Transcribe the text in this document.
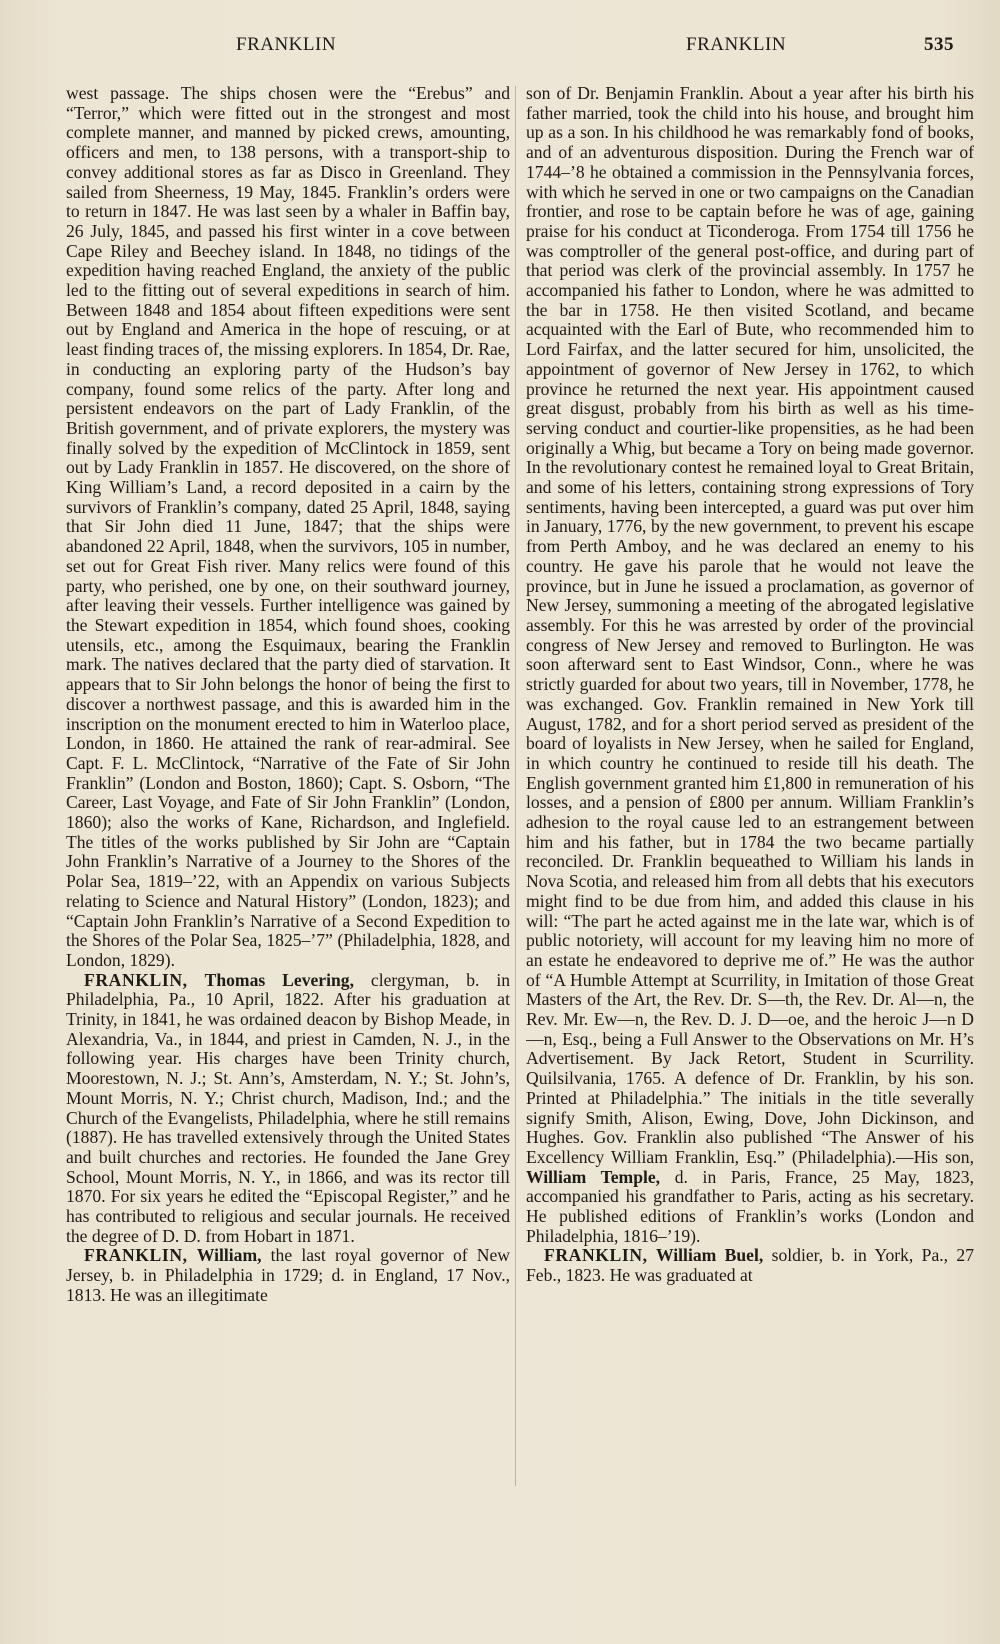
FRANKLIN	FRANKLIN	535

west passage. The ships chosen were the “Erebus” and “Terror,” which were fitted out in the strongest and most complete manner, and manned by picked crews, amounting, officers and men, to 138 persons, with a transport-ship to convey additional stores as far as Disco in Greenland. They sailed from Sheerness, 19 May, 1845. Franklin’s orders were to return in 1847. He was last seen by a whaler in Baffin bay, 26 July, 1845, and passed his first winter in a cove between Cape Riley and Beechey island. In 1848, no tidings of the expedition having reached England, the anxiety of the public led to the fitting out of several expeditions in search of him. Between 1848 and 1854 about fifteen expeditions were sent out by England and America in the hope of rescuing, or at least finding traces of, the missing explorers. In 1854, Dr. Rae, in conducting an exploring party of the Hudson’s bay company, found some relics of the party. After long and persistent endeavors on the part of Lady Franklin, of the British government, and of private explorers, the mystery was finally solved by the expedition of McClintock in 1859, sent out by Lady Franklin in 1857. He discovered, on the shore of King William’s Land, a record deposited in a cairn by the survivors of Franklin’s company, dated 25 April, 1848, saying that Sir John died 11 June, 1847; that the ships were abandoned 22 April, 1848, when the survivors, 105 in number, set out for Great Fish river. Many relics were found of this party, who perished, one by one, on their southward journey, after leaving their vessels. Further intelligence was gained by the Stewart expedition in 1854, which found shoes, cooking utensils, etc., among the Esquimaux, bearing the Franklin mark. The natives declared that the party died of starvation. It appears that to Sir John belongs the honor of being the first to discover a northwest passage, and this is awarded him in the inscription on the monument erected to him in Waterloo place, London, in 1860. He attained the rank of rear-admiral. See Capt. F. L. McClintock, “Narrative of the Fate of Sir John Franklin” (London and Boston, 1860); Capt. S. Osborn, “The Career, Last Voyage, and Fate of Sir John Franklin” (London, 1860); also the works of Kane, Richardson, and Inglefield. The titles of the works published by Sir John are “Captain John Franklin’s Narrative of a Journey to the Shores of the Polar Sea, 1819–’22, with an Appendix on various Subjects relating to Science and Natural History” (London, 1823); and “Captain John Franklin’s Narrative of a Second Expedition to the Shores of the Polar Sea, 1825–’7” (Philadelphia, 1828, and London, 1829).

FRANKLIN, Thomas Levering, clergyman, b. in Philadelphia, Pa., 10 April, 1822. After his graduation at Trinity, in 1841, he was ordained deacon by Bishop Meade, in Alexandria, Va., in 1844, and priest in Camden, N. J., in the following year. His charges have been Trinity church, Moorestown, N. J.; St. Ann’s, Amsterdam, N. Y.; St. John’s, Mount Morris, N. Y.; Christ church, Madison, Ind.; and the Church of the Evangelists, Philadelphia, where he still remains (1887). He has travelled extensively through the United States and built churches and rectories. He founded the Jane Grey School, Mount Morris, N. Y., in 1866, and was its rector till 1870. For six years he edited the “Episcopal Register,” and he has contributed to religious and secular journals. He received the degree of D. D. from Hobart in 1871.

FRANKLIN, William, the last royal governor of New Jersey, b. in Philadelphia in 1729; d. in England, 17 Nov., 1813. He was an illegitimate

son of Dr. Benjamin Franklin. About a year after his birth his father married, took the child into his house, and brought him up as a son. In his childhood he was remarkably fond of books, and of an adventurous disposition. During the French war of 1744–’8 he obtained a commission in the Pennsylvania forces, with which he served in one or two campaigns on the Canadian frontier, and rose to be captain before he was of age, gaining praise for his conduct at Ticonderoga. From 1754 till 1756 he was comptroller of the general post-office, and during part of that period was clerk of the provincial assembly. In 1757 he accompanied his father to London, where he was admitted to the bar in 1758. He then visited Scotland, and became acquainted with the Earl of Bute, who recommended him to Lord Fairfax, and the latter secured for him, unsolicited, the appointment of governor of New Jersey in 1762, to which province he returned the next year. His appointment caused great disgust, probably from his birth as well as his time-serving conduct and courtier-like propensities, as he had been originally a Whig, but became a Tory on being made governor. In the revolutionary contest he remained loyal to Great Britain, and some of his letters, containing strong expressions of Tory sentiments, having been intercepted, a guard was put over him in January, 1776, by the new government, to prevent his escape from Perth Amboy, and he was declared an enemy to his country. He gave his parole that he would not leave the province, but in June he issued a proclamation, as governor of New Jersey, summoning a meeting of the abrogated legislative assembly. For this he was arrested by order of the provincial congress of New Jersey and removed to Burlington. He was soon afterward sent to East Windsor, Conn., where he was strictly guarded for about two years, till in November, 1778, he was exchanged. Gov. Franklin remained in New York till August, 1782, and for a short period served as president of the board of loyalists in New Jersey, when he sailed for England, in which country he continued to reside till his death. The English government granted him £1,800 in remuneration of his losses, and a pension of £800 per annum. William Franklin’s adhesion to the royal cause led to an estrangement between him and his father, but in 1784 the two became partially reconciled. Dr. Franklin bequeathed to William his lands in Nova Scotia, and released him from all debts that his executors might find to be due from him, and added this clause in his will: “The part he acted against me in the late war, which is of public notoriety, will account for my leaving him no more of an estate he endeavored to deprive me of.” He was the author of “A Humble Attempt at Scurrility, in Imitation of those Great Masters of the Art, the Rev. Dr. S—th, the Rev. Dr. Al—n, the Rev. Mr. Ew—n, the Rev. D. J. D—oe, and the heroic J—n D—n, Esq., being a Full Answer to the Observations on Mr. H’s Advertisement. By Jack Retort, Student in Scurrility. Quilsilvania, 1765. A defence of Dr. Franklin, by his son. Printed at Philadelphia.” The initials in the title severally signify Smith, Alison, Ewing, Dove, John Dickinson, and Hughes. Gov. Franklin also published “The Answer of his Excellency William Franklin, Esq.” (Philadelphia).—His son, William Temple, d. in Paris, France, 25 May, 1823, accompanied his grandfather to Paris, acting as his secretary. He published editions of Franklin’s works (London and Philadelphia, 1816–’19).

FRANKLIN, William Buel, soldier, b. in York, Pa., 27 Feb., 1823. He was graduated at
